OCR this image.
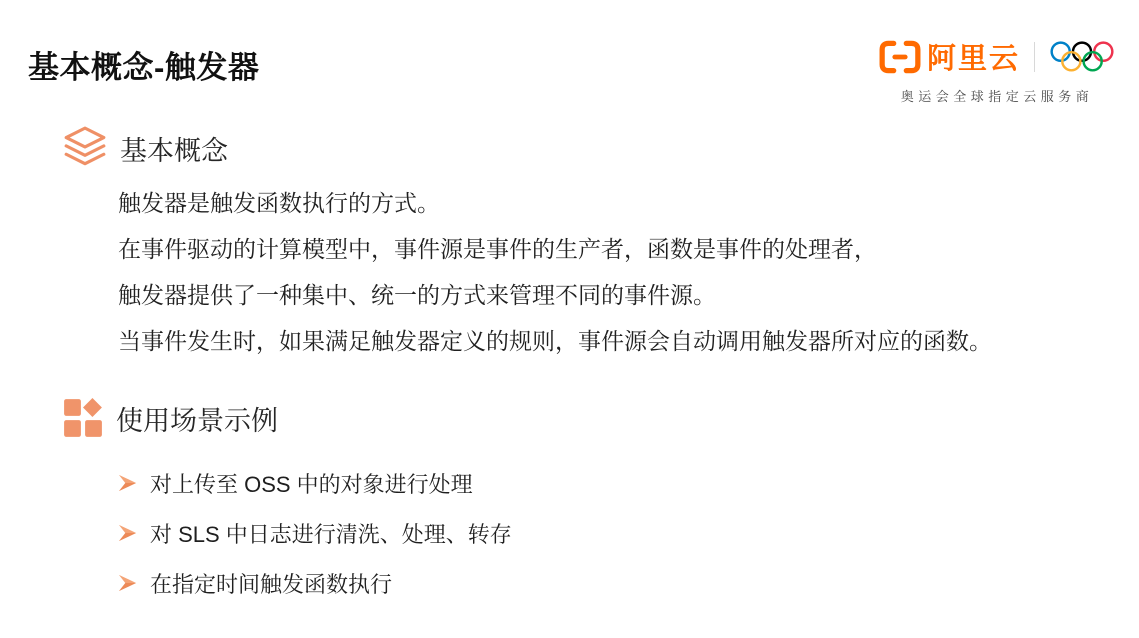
基本概念-触发器	阿里云
奥运会全球指定云服务商
基本概念
触发器是触发函数执行的方式。
在事件驱动的计算模型中，事件源是事件的生产者，函数是事件的处理者，
触发器提供了一种集中、统一的方式来管理不同的事件源。
当事件发生时，如果满足触发器定义的规则，事件源会自动调用触发器所对应的函数。
使用场景示例
对上传至 OSS 中的对象进行处理
对 SLS 中日志进行清洗、处理、转存
在指定时间触发函数执行
